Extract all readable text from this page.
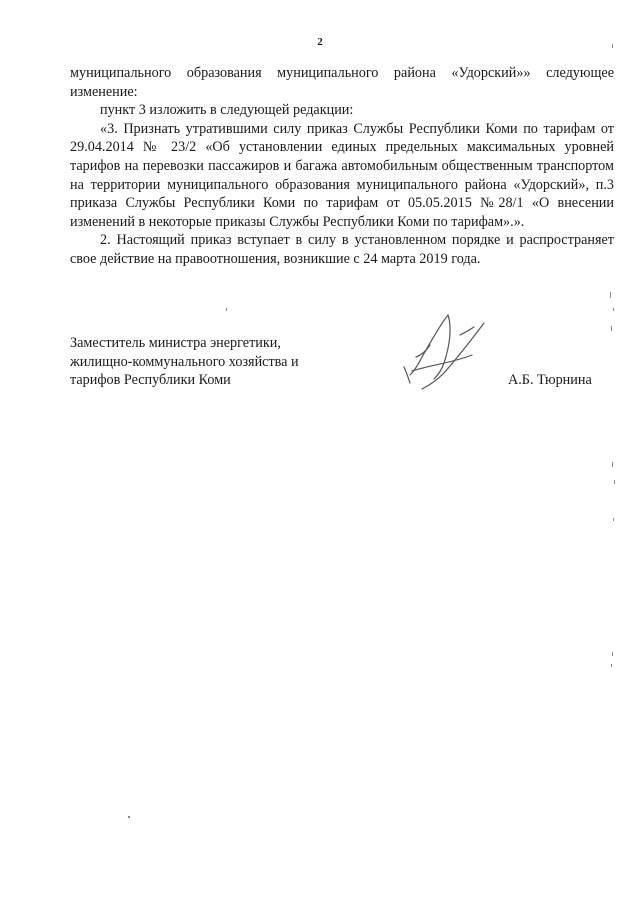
2

муниципального образования муниципального района «Удорский»» следующее изменение:

пункт 3 изложить в следующей редакции:

«3. Признать утратившими силу приказ Службы Республики Коми по тарифам от 29.04.2014 № 23/2 «Об установлении единых предельных максимальных уровней тарифов на перевозки пассажиров и багажа автомобильным общественным транспортом на территории муниципального образования муниципального района «Удорский», п.3 приказа Службы Республики Коми по тарифам от 05.05.2015 №28/1 «О внесении изменений в некоторые приказы Службы Республики Коми по тарифам».».

2. Настоящий приказ вступает в силу в установленном порядке и распространяет свое действие на правоотношения, возникшие с 24 марта 2019 года.

Заместитель министра энергетики,
жилищно-коммунального хозяйства и
тарифов Республики Коми	А.Б. Тюрнина
